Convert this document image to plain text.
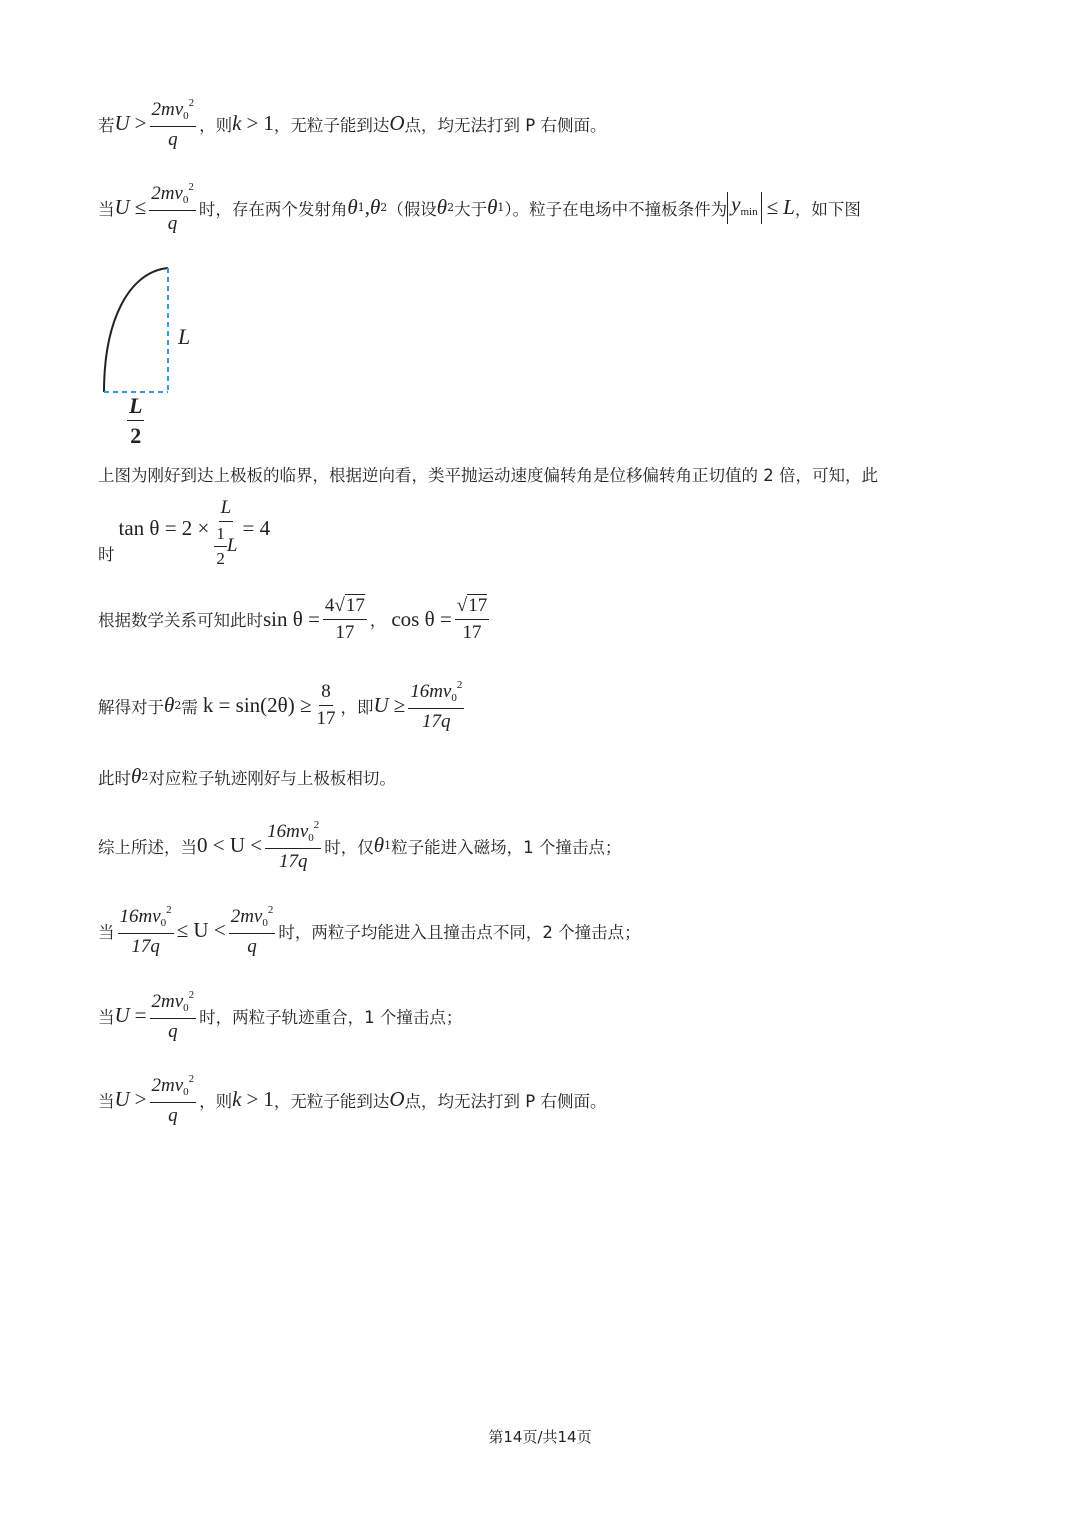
若 $U > \frac{2mv_0^2}{q}$ ，则 k > 1 ，无粒子能到达 O 点，均无法打到 P 右侧面。
当 $U \le \frac{2mv_0^2}{q}$ 时，存在两个发射角 θ 1 , θ 2 （假设 θ 2 大于 θ 1 ）。粒子在电场中不撞板条件为 $y_{min} \le L$ ，如下图
L
$\frac{L}{2}$
上图为刚好到达上极板的临界，根据逆向看，类平抛运动速度偏转角是位移偏转角正切值的 2 倍，可知，此
时
$\tan \theta = 2 \times \frac{L}{\frac{1}{2} L} = 4$
根据数学关系可知此时 $\sin \theta = \frac{4√17}{17}$ ， $\cos \theta = \frac{√17}{17}$
解得对于 θ 2 需 $k = \sin(2\theta) \ge \frac{8}{17}$ ，即 $U \ge \frac{16mv_0^2}{17q}$
此时 θ 2 对应粒子轨迹刚好与上极板相切。
综上所述，当 $0 < U < \frac{16mv_0^2}{17q}$ 时，仅 θ 1 粒子能进入磁场，1 个撞击点；
当 $\frac{16mv_0^2}{17q} \le U < \frac{2mv_0^2}{q}$ 时，两粒子均能进入且撞击点不同，2 个撞击点；
当 $U = \frac{2mv_0^2}{q}$ 时，两粒子轨迹重合，1 个撞击点；
当 $U > \frac{2mv_0^2}{q}$ ，则 k > 1 ，无粒子能到达 O 点，均无法打到 P 右侧面。
第14页/共14页
